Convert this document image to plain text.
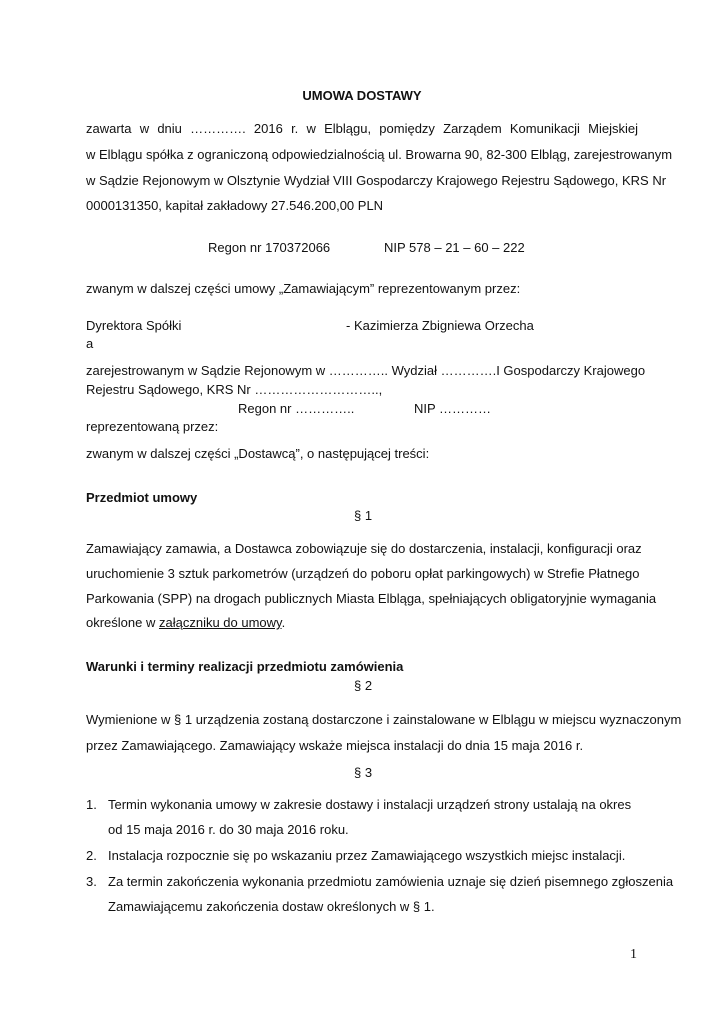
UMOWA DOSTAWY
zawarta w dniu …………. 2016 r. w Elblągu, pomiędzy Zarządem Komunikacji Miejskiej
w Elblągu spółka z ograniczoną odpowiedzialnością ul. Browarna 90, 82-300 Elbląg, zarejestrowanym
w Sądzie Rejonowym w Olsztynie Wydział VIII Gospodarczy Krajowego Rejestru Sądowego, KRS Nr
0000131350, kapitał zakładowy 27.546.200,00 PLN
Regon nr 170372066	NIP 578 – 21 – 60 – 222
zwanym w dalszej części umowy „Zamawiającym” reprezentowanym przez:
Dyrektora Spółki	- Kazimierza Zbigniewa Orzecha
a
zarejestrowanym w Sądzie Rejonowym w ………….. Wydział ………….I Gospodarczy Krajowego
Rejestru Sądowego, KRS Nr ………………………..,
Regon nr …………..	NIP …………
reprezentowaną przez:
zwanym w dalszej części „Dostawcą”, o następującej treści:
Przedmiot umowy
§ 1
Zamawiający zamawia, a Dostawca zobowiązuje się do dostarczenia, instalacji, konfiguracji oraz
uruchomienie 3 sztuk parkometrów (urządzeń do poboru opłat parkingowych) w Strefie Płatnego
Parkowania (SPP) na drogach publicznych Miasta Elbląga, spełniających obligatoryjnie wymagania
określone w załączniku do umowy.
Warunki i terminy realizacji przedmiotu zamówienia
§ 2
Wymienione w § 1 urządzenia zostaną dostarczone i zainstalowane w Elblągu w miejscu wyznaczonym
przez Zamawiającego. Zamawiający wskaże miejsca instalacji do dnia 15 maja 2016 r.
§ 3
1. Termin wykonania umowy w zakresie dostawy i instalacji urządzeń strony ustalają na okres
od 15 maja 2016 r. do 30 maja 2016 roku.
2. Instalacja rozpocznie się po wskazaniu przez Zamawiającego wszystkich miejsc instalacji.
3. Za termin zakończenia wykonania przedmiotu zamówienia uznaje się dzień pisemnego zgłoszenia
Zamawiającemu zakończenia dostaw określonych w § 1.
1
